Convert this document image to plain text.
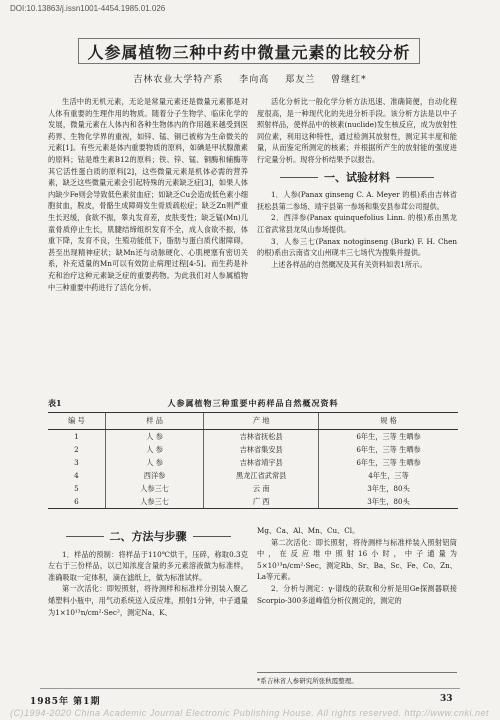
DOI:10.13863/j.issn1001-4454.1985.01.026
人参属植物三种中药中微量元素的比较分析
吉林农业大学特产系 李向高 郑友兰 曾继红*

生活中的无机元素，无论是常量元素还是微量元素都是对人体有重要的生理作用的物质。随着分子生物学、临床化学的发展，微量元素在人体内和各种生物体内的作用越来越受到医药界、生物化学界的重视，如锌、锰、铜已被称为生命微关的元素[1]。有些元素是体内重要物质的原料，如碘是甲状腺激素的原料；钴是维生素B12的原料；铁、锌、锰、铜酶和辅酶等其它活性蛋白质的原料[2]，这些微量元素是机体必需的营养素，缺乏这些微量元素会引起特殊的元素缺乏症[3]，如果人体内缺少Fe则会导致低色素贫血症；如缺乏Cu会造成低色素小细胞贫血，脱皮，骨骼生成障碍发生骨质疏松症；缺乏Zn则严重生长迟缓，食欲不振，睾丸发育差，皮肤变性；缺乏锰(Mn)儿童骨质停止生长，肌腱结缔组织发育不全，成人食欲不振，体重下降，发育不良，生殖功能低下，脂肪与蛋白质代谢障碍，甚至出现精神症状；缺Mn还与动脉硬化、心肌梗塞有密切关系，补充适量的Mn可以有效防止病理过程[4-5]。而生药是补充和治疗这种元素缺乏症的重要药物。为此我们对人参属植物中三种重要中药进行了活化分析。

活化分析比一般化学分析方法迅速、准确简便，自动化程度很高，是一种现代化的先进分析手段。该分析方法是以中子照射样品，使样品中的核素(nuclide)发生核反应，成为放射性同位素，利用这种特性，通过检测其放射性，测定其丰度和能量，从而鉴定所测定的核素；并根据所产生的放射能的强度进行定量分析。现将分析结果予以报告。

一、试验材料

1．人参(Panax ginseng C. A. Meyer 的根)系由吉林省抚松县第二参场、靖宇县第一参场和集安县参茸公司提供。

2．西洋参(Panax quinquefolius Linn. 的根)系由黑龙江省武常县龙凤山参场提供。

3．人参三七(Panax notoginseng (Burk) F. H. Chen 的根)系由云南省文山州砚丰三七场代为搜集并提供。

上述各样品的自然概况及其有关资料如表1所示。

表1	人参属植物三种重要中药样品自然概况资料
编 号	样 品	产 地	规 格
1	人 参	吉林省抚松县	6年生，三等 生晒参
2	人 参	吉林省集安县	6年生，三等 生晒参
3	人 参	吉林省靖宇县	6年生，三等 生晒参
4	西洋参	黑龙江省武常县	4年生，三等
5	人参三七	云 南	3年生，80头
6	人参三七	广 西	3年生，80头
二、方法与步骤

1．样品的预制：将样品于110℃烘干，压碎，称取0.3克左右于三份样品，以已知浓度含量的多元素溶液做为标准样，准确吸取一定体积，滴在滤纸上，做为标准试样。

第一次活化：即短照射，将待测样和标准样分别装入聚乙烯塑料小瓶中，用气动系统送入反应堆，照射1分钟，中子通量为1×10¹³n/cm²·Sec²，测定Na、K、

Mg、Ca、Al、Mn、Cu、Cl。

第二次活化：即长照射，将待测样与标准样装入照射铝筒中，在反应堆中照射16小时，中子通量为5×10¹³n/cm²·Sec，测定Rb、Sr、Ba、Sc、Fe、Co、Zn、La等元素。

2．分析与测定：γ-谱线的获取和分析是用Ge探测器联接Scorpio-300多道峰值分析仪测定的，测定的

*系吉林省人参研究所张秋霞整理。
1985年 第1期	33
(C)1994-2020 China Academic Journal Electronic Publishing House. All rights reserved. http://www.cnki.net
